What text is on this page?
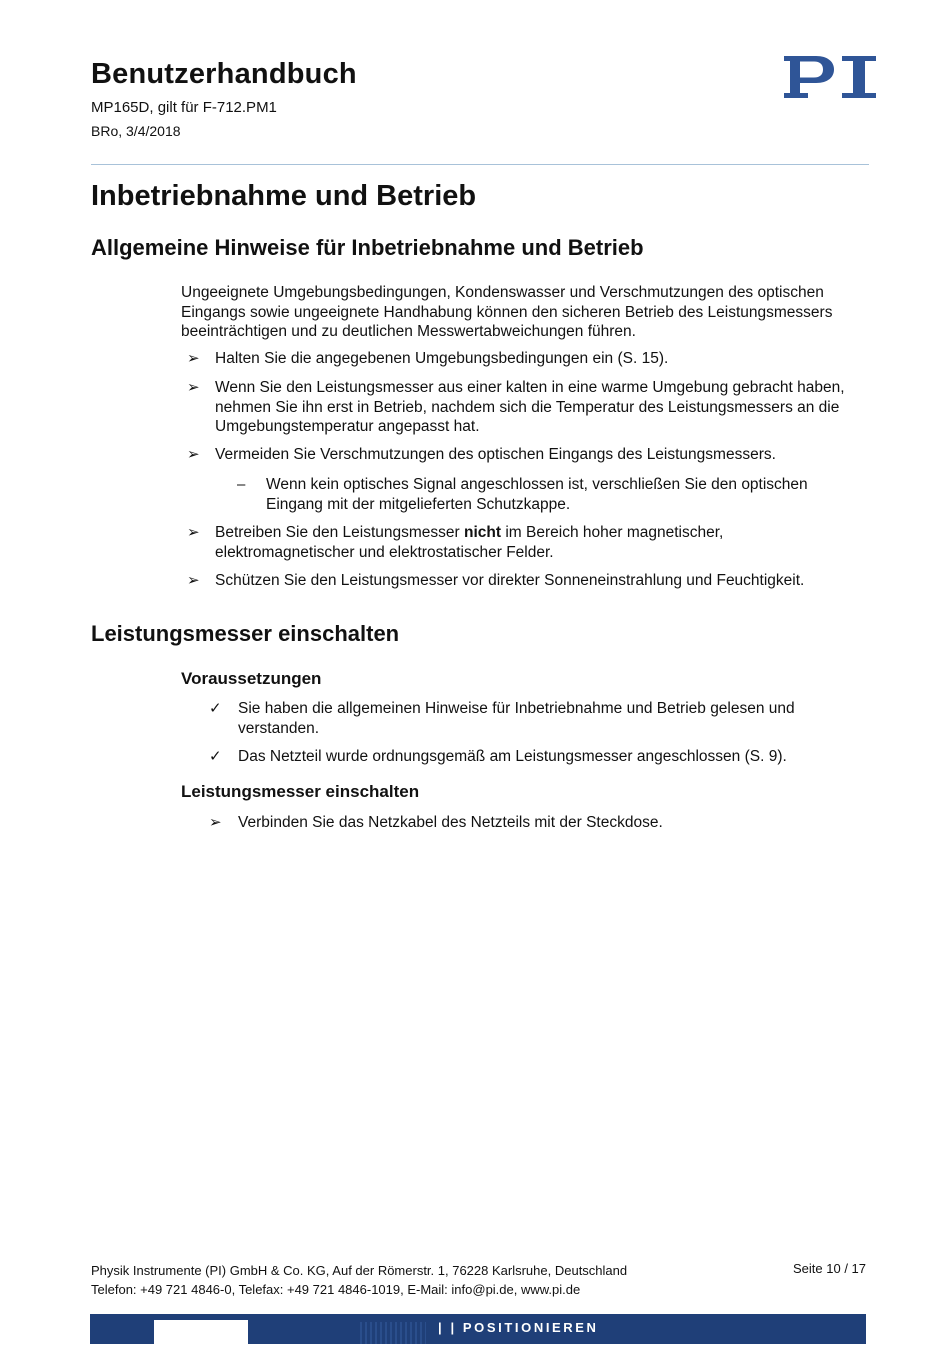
Benutzerhandbuch
MP165D, gilt für F-712.PM1
BRo, 3/4/2018
Inbetriebnahme und Betrieb
Allgemeine Hinweise für Inbetriebnahme und Betrieb
Ungeeignete Umgebungsbedingungen, Kondenswasser und Verschmutzungen des optischen Eingangs sowie ungeeignete Handhabung können den sicheren Betrieb des Leistungsmessers beeinträchtigen und zu deutlichen Messwertabweichungen führen.
➢ Halten Sie die angegebenen Umgebungsbedingungen ein (S. 15).
➢ Wenn Sie den Leistungsmesser aus einer kalten in eine warme Umgebung gebracht haben, nehmen Sie ihn erst in Betrieb, nachdem sich die Temperatur des Leistungsmessers an die Umgebungstemperatur angepasst hat.
➢ Vermeiden Sie Verschmutzungen des optischen Eingangs des Leistungsmessers.
– Wenn kein optisches Signal angeschlossen ist, verschließen Sie den optischen Eingang mit der mitgelieferten Schutzkappe.
➢ Betreiben Sie den Leistungsmesser nicht im Bereich hoher magnetischer, elektromagnetischer und elektrostatischer Felder.
➢ Schützen Sie den Leistungsmesser vor direkter Sonneneinstrahlung und Feuchtigkeit.
Leistungsmesser einschalten
Voraussetzungen
✓ Sie haben die allgemeinen Hinweise für Inbetriebnahme und Betrieb gelesen und verstanden.
✓ Das Netzteil wurde ordnungsgemäß am Leistungsmesser angeschlossen (S. 9).
Leistungsmesser einschalten
➢ Verbinden Sie das Netzkabel des Netzteils mit der Steckdose.
Physik Instrumente (PI) GmbH & Co. KG, Auf der Römerstr. 1, 76228 Karlsruhe, Deutschland
Telefon: +49 721 4846-0, Telefax: +49 721 4846-1019, E-Mail: info@pi.de, www.pi.de
Seite 10 / 17
| | POSITIONIEREN
